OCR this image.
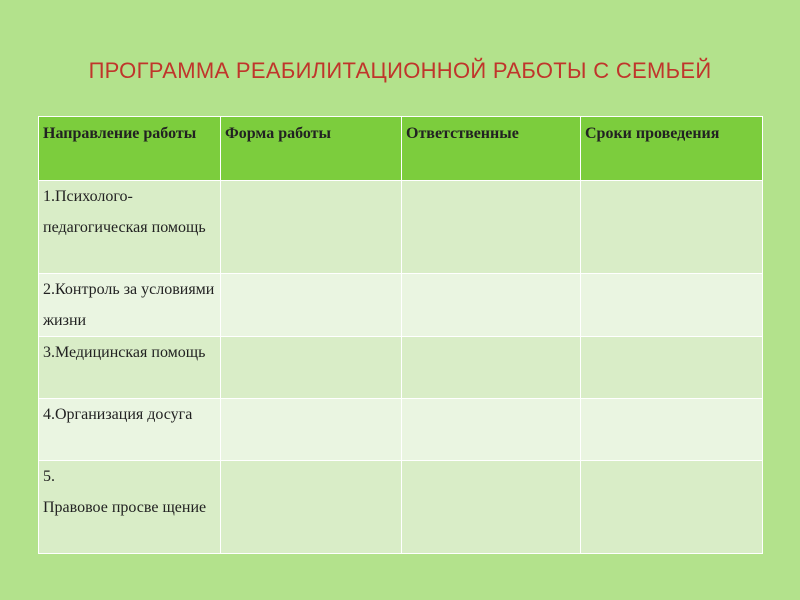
ПРОГРАММА РЕАБИЛИТАЦИОННОЙ РАБОТЫ С СЕМЬЕЙ
Направление работы	Форма работы	Ответственные	Сроки проведения
1.Психолого-педагогическая помощь			
2.Контроль за условиями жизни			
3.Медицинская помощь			
4.Организация досуга			
5.
Правовое просве щение			
